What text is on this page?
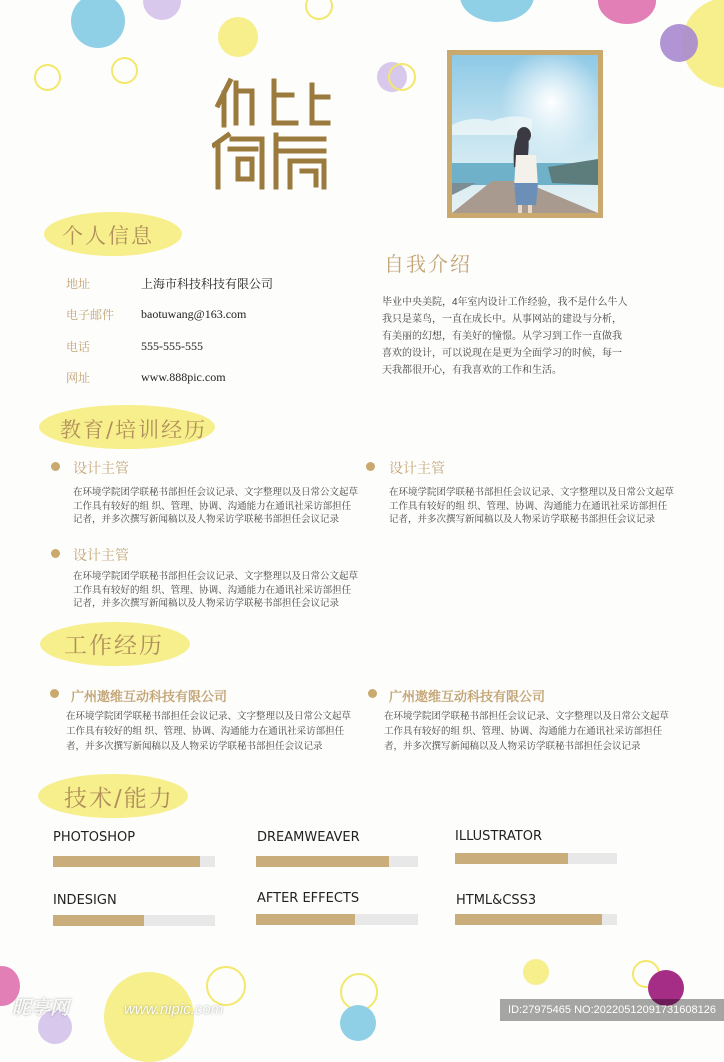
个人
个人信息
地址	上海市科技科技有限公司
电子邮件 baotuwang@163.com
电话	555-555-555
网址	www.888pic.com
自我介绍
毕业中央美院，4年室内设计工作经验，我不是什么牛人
我只是菜鸟，一直在成长中。从事网站的建设与分析，
有美丽的幻想，有美好的憧憬。从学习到工作一直做我
喜欢的设计，可以说现在是更为全面学习的时候，每一
天我都很开心，有我喜欢的工作和生活。
教育/培训经历
设计主管
在环境学院团学联秘书部担任会议记录、文字整理以及日常公文起草
工作具有较好的组 织、管理、协调、沟通能力在通讯社采访部担任
记者，并多次撰写新闻稿以及人物采访学联秘书部担任会议记录
设计主管
在环境学院团学联秘书部担任会议记录、文字整理以及日常公文起草
工作具有较好的组 织、管理、协调、沟通能力在通讯社采访部担任
记者，并多次撰写新闻稿以及人物采访学联秘书部担任会议记录
设计主管
在环境学院团学联秘书部担任会议记录、文字整理以及日常公文起草
工作具有较好的组 织、管理、协调、沟通能力在通讯社采访部担任
记者，并多次撰写新闻稿以及人物采访学联秘书部担任会议记录
工作经历
广州遨维互动科技有限公司
在环境学院团学联秘书部担任会议记录、文字整理以及日常公文起草
工作具有较好的组 织、管理、协调、沟通能力在通讯社采访部担任
者，并多次撰写新闻稿以及人物采访学联秘书部担任会议记录
广州遨维互动科技有限公司
在环境学院团学联秘书部担任会议记录、文字整理以及日常公文起草
工作具有较好的组 织、管理、协调、沟通能力在通讯社采访部担任
者，并多次撰写新闻稿以及人物采访学联秘书部担任会议记录
技术/能力
PHOTOSHOP	DREAMWEAVER	ILLUSTRATOR
INDESIGN	AFTER EFFECTS	HTML&CSS3
昵享网	www.nipic.com	ID:27975465 NO:20220512091731608126
